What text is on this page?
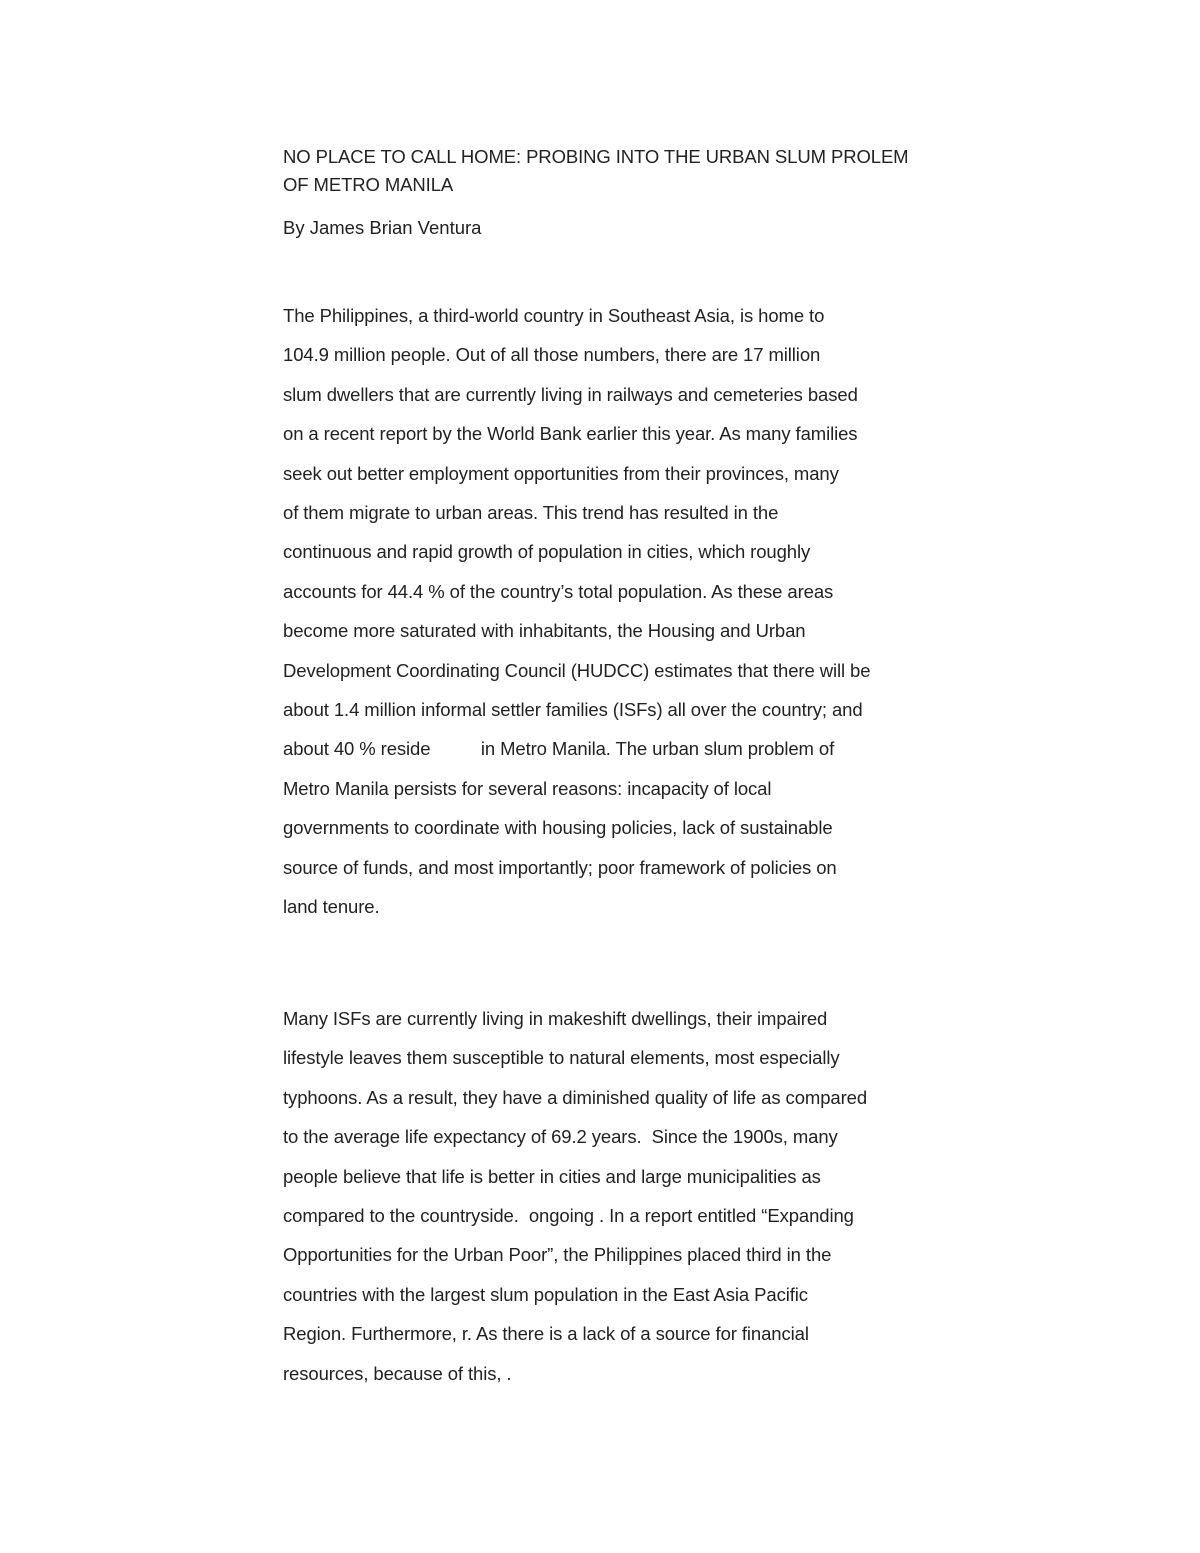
NO PLACE TO CALL HOME: PROBING INTO THE URBAN SLUM PROLEM
OF METRO MANILA
By James Brian Ventura
The Philippines, a third-world country in Southeast Asia, is home to
104.9 million people. Out of all those numbers, there are 17 million
slum dwellers that are currently living in railways and cemeteries based
on a recent report by the World Bank earlier this year. As many families
seek out better employment opportunities from their provinces, many
of them migrate to urban areas. This trend has resulted in the
continuous and rapid growth of population in cities, which roughly
accounts for 44.4 % of the country’s total population. As these areas
become more saturated with inhabitants, the Housing and Urban
Development Coordinating Council (HUDCC) estimates that there will be
about 1.4 million informal settler families (ISFs) all over the country; and
about 40 % reside          in Metro Manila. The urban slum problem of
Metro Manila persists for several reasons: incapacity of local
governments to coordinate with housing policies, lack of sustainable
source of funds, and most importantly; poor framework of policies on
land tenure.
Many ISFs are currently living in makeshift dwellings, their impaired
lifestyle leaves them susceptible to natural elements, most especially
typhoons. As a result, they have a diminished quality of life as compared
to the average life expectancy of 69.2 years.  Since the 1900s, many
people believe that life is better in cities and large municipalities as
compared to the countryside.  ongoing . In a report entitled “Expanding
Opportunities for the Urban Poor”, the Philippines placed third in the
countries with the largest slum population in the East Asia Pacific
Region. Furthermore, r. As there is a lack of a source for financial
resources, because of this, .
